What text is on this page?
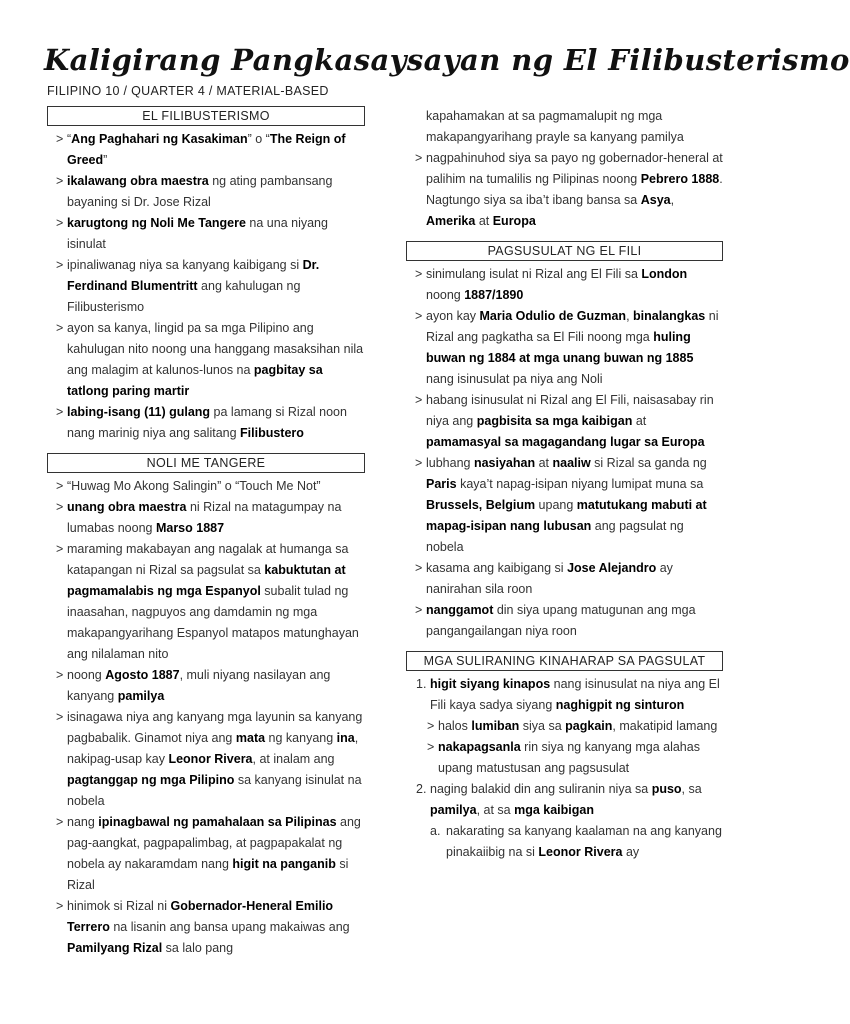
Kaligirang Pangkasaysayan ng El Filibusterismo
FILIPINO 10 / QUARTER 4 / MATERIAL-BASED
EL FILIBUSTERISMO
> “Ang Paghahari ng Kasakiman” o “The Reign of Greed”
> ikalawang obra maestra ng ating pambansang bayaning si Dr. Jose Rizal
> karugtong ng Noli Me Tangere na una niyang isinulat
> ipinaliwanag niya sa kanyang kaibigang si Dr. Ferdinand Blumentritt ang kahulugan ng Filibusterismo
> ayon sa kanya, lingid pa sa mga Pilipino ang kahulugan nito noong una hanggang masaksihan nila ang malagim at kalunos-lunos na pagbitay sa tatlong paring martir
> labing-isang (11) gulang pa lamang si Rizal noon nang marinig niya ang salitang Filibustero
NOLI ME TANGERE
> “Huwag Mo Akong Salingin” o “Touch Me Not”
> unang obra maestra ni Rizal na matagumpay na lumabas noong Marso 1887
> maraming makabayan ang nagalak at humanga sa katapangan ni Rizal sa pagsulat sa kabuktutan at pagmamalabis ng mga Espanyol subalit tulad ng inaasahan, nagpuyos ang damdamin ng mga makapangyarihang Espanyol matapos matunghayan ang nilalaman nito
> noong Agosto 1887, muli niyang nasilayan ang kanyang pamilya
> isinagawa niya ang kanyang mga layunin sa kanyang pagbabalik. Ginamot niya ang mata ng kanyang ina, nakipag-usap kay Leonor Rivera, at inalam ang pagtanggap ng mga Pilipino sa kanyang isinulat na nobela
> nang ipinagbawal ng pamahalaan sa Pilipinas ang pag-aangkat, pagpapalimbag, at pagpapakalat ng nobela ay nakaramdam nang higit na panganib si Rizal
> hinimok si Rizal ni Gobernador-Heneral Emilio Terrero na lisanin ang bansa upang makaiwas ang Pamilyang Rizal sa lalo pang
kapahamakan at sa pagmamalupit ng mga makapangyarihang prayle sa kanyang pamilya
> nagpahinuhod siya sa payo ng gobernador-heneral at palihim na tumalilis ng Pilipinas noong Pebrero 1888. Nagtungo siya sa iba’t ibang bansa sa Asya, Amerika at Europa
PAGSUSULAT NG EL FILI
> sinimulang isulat ni Rizal ang El Fili sa London noong 1887/1890
> ayon kay Maria Odulio de Guzman, binalangkas ni Rizal ang pagkatha sa El Fili noong mga huling buwan ng 1884 at mga unang buwan ng 1885 nang isinusulat pa niya ang Noli
> habang isinusulat ni Rizal ang El Fili, naisasabay rin niya ang pagbisita sa mga kaibigan at pamamasyal sa magagandang lugar sa Europa
> lubhang nasiyahan at naaliw si Rizal sa ganda ng Paris kaya’t napag-isipan niyang lumipat muna sa Brussels, Belgium upang matutukang mabuti at mapag-isipan nang lubusan ang pagsulat ng nobela
> kasama ang kaibigang si Jose Alejandro ay nanirahan sila roon
> nanggamot din siya upang matugunan ang mga pangangailangan niya roon
MGA SULIRANING KINAHARAP SA PAGSULAT
1. higit siyang kinapos nang isinusulat na niya ang El Fili kaya sadya siyang naghigpit ng sinturon
> halos lumiban siya sa pagkain, makatipid lamang
> nakapagsanla rin siya ng kanyang mga alahas upang matustusan ang pagsusulat
2. naging balakid din ang suliranin niya sa puso, sa pamilya, at sa mga kaibigan
a. nakarating sa kanyang kaalaman na ang kanyang pinakaiibig na si Leonor Rivera ay
